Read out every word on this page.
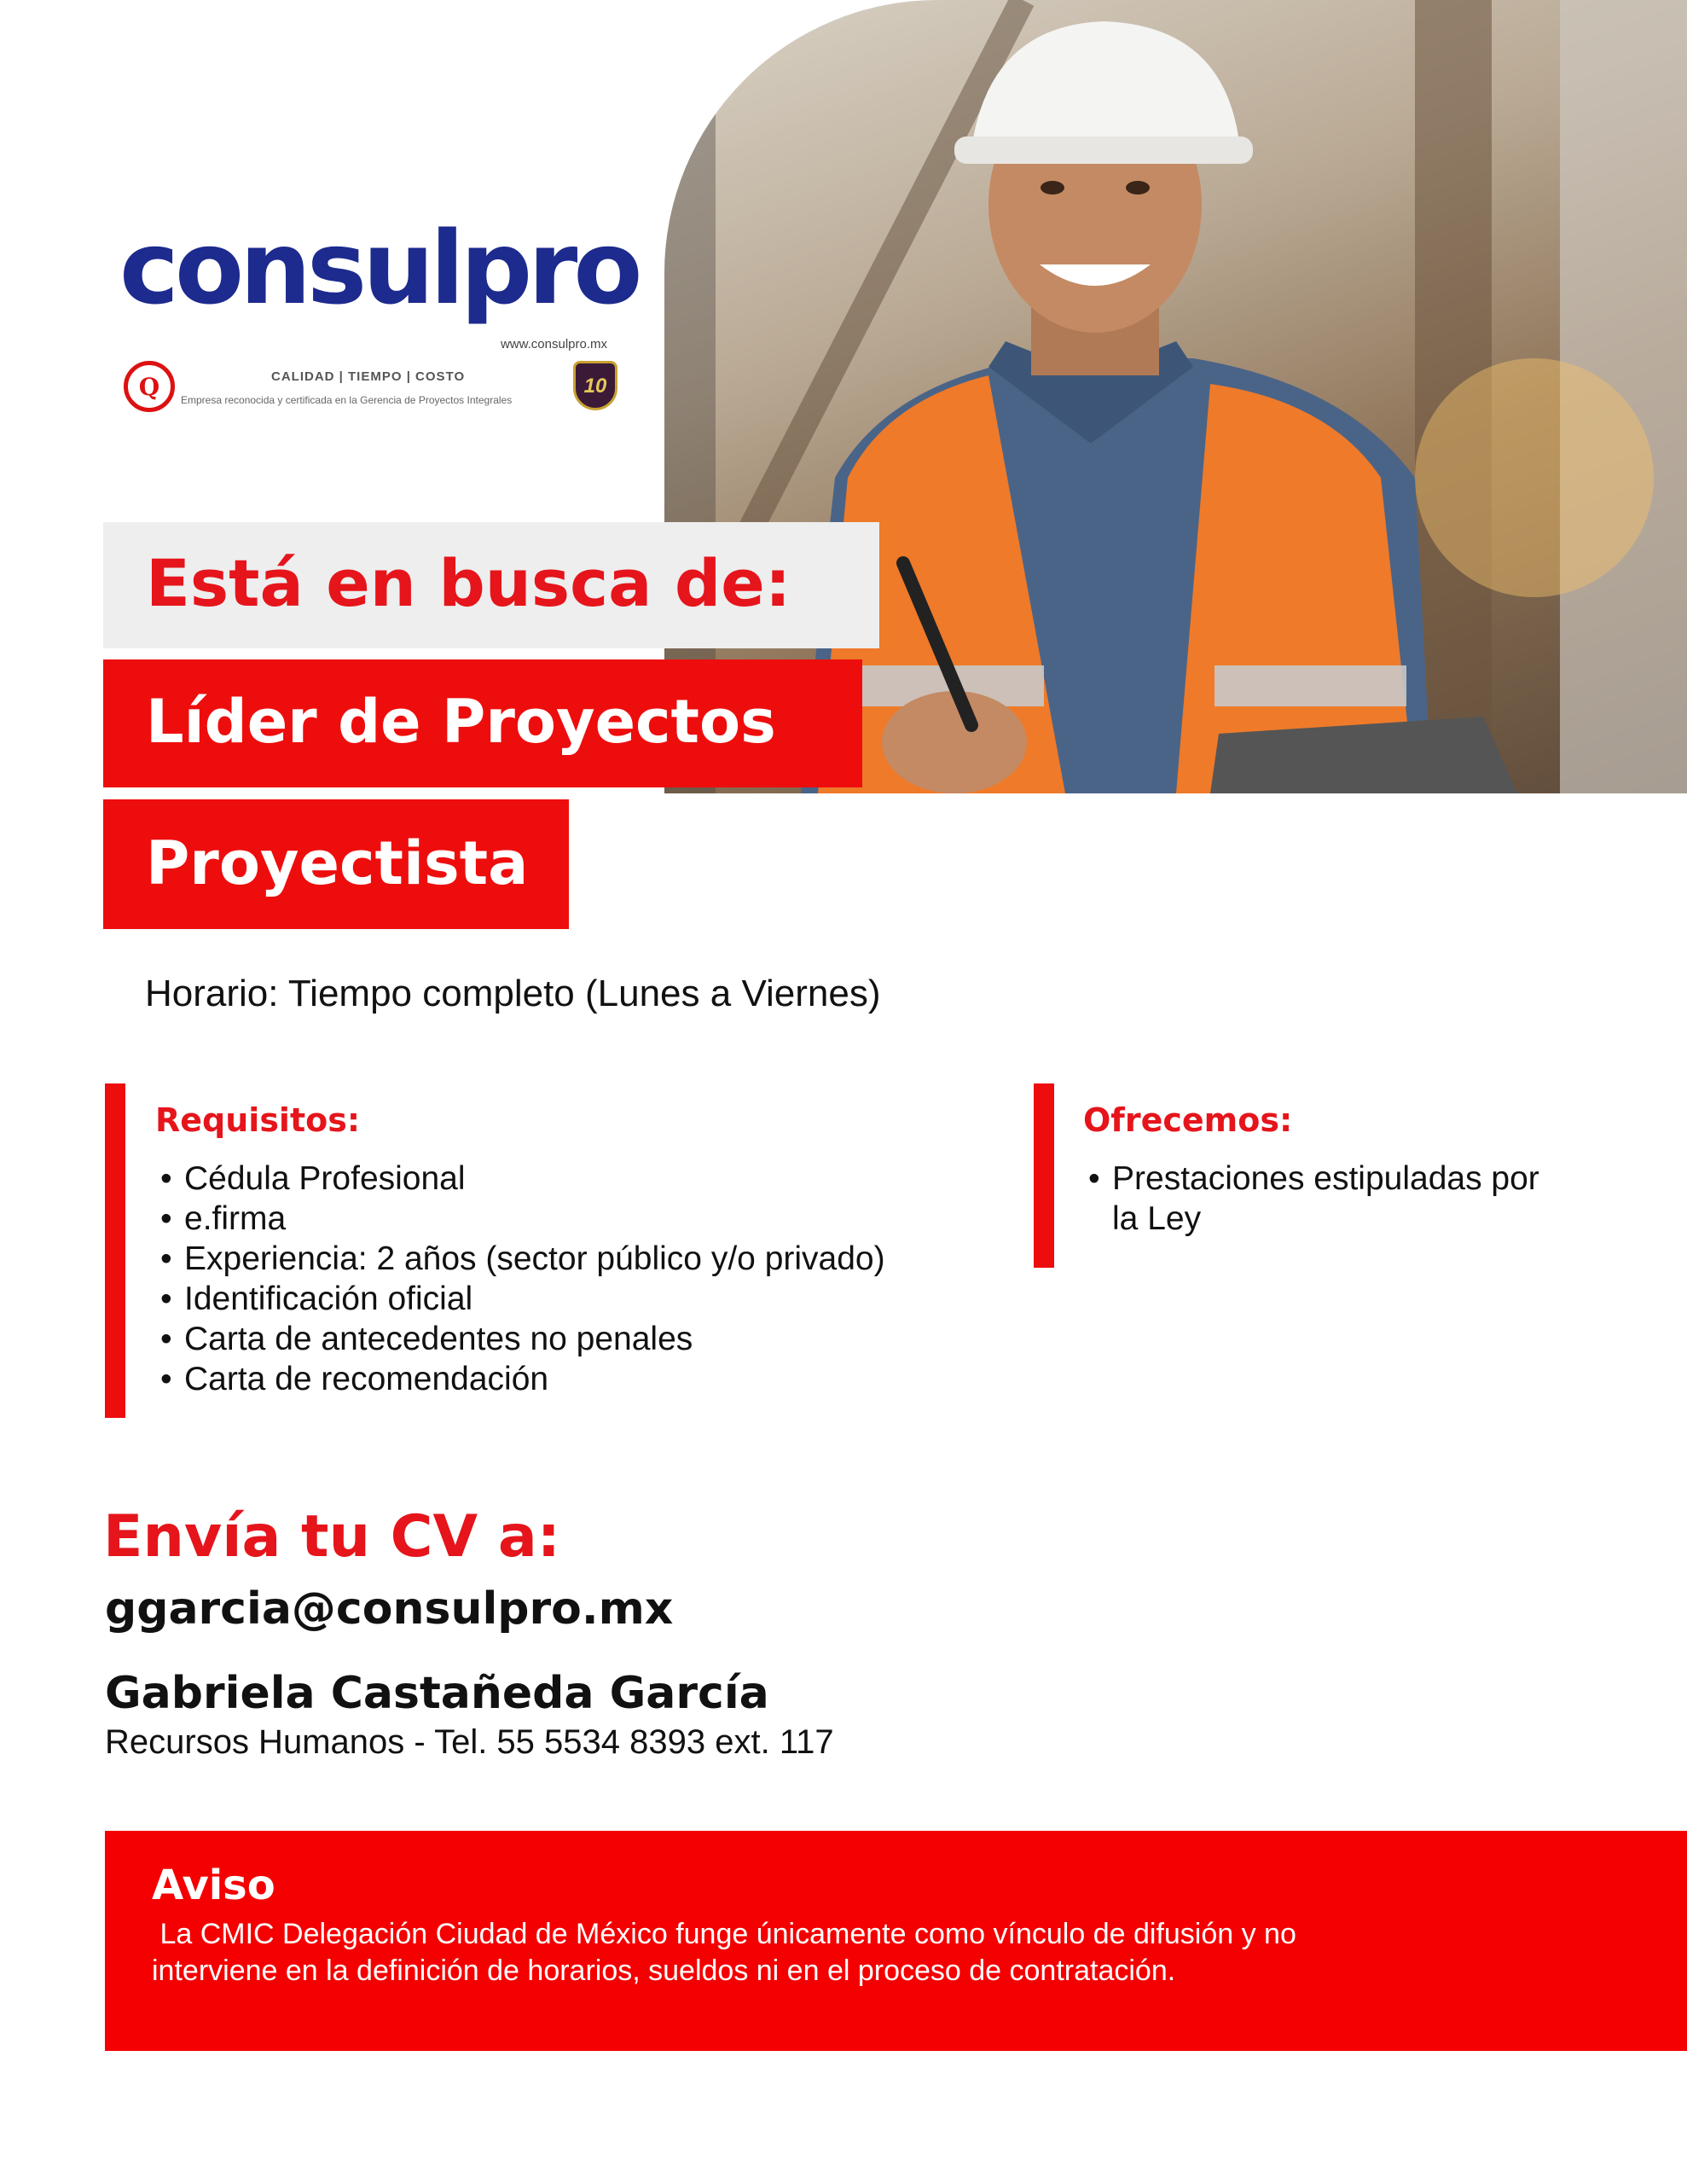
consulpro
www.consulpro.mx
Q	CALIDAD | TIEMPO | COSTO
Empresa reconocida y certificada en la Gerencia de Proyectos Integrales
10
Está en busca de:
Líder de Proyectos
Proyectista
Horario: Tiempo completo (Lunes a Viernes)
Requisitos:
• Cédula Profesional
• e.firma
• Experiencia: 2 años (sector público y/o privado)
• Identificación oficial
• Carta de antecedentes no penales
• Carta de recomendación
Ofrecemos:
• Prestaciones estipuladas por la Ley
Envía tu CV a:
ggarcia@consulpro.mx
Gabriela Castañeda García
Recursos Humanos - Tel. 55 5534 8393 ext. 117
Aviso
La CMIC Delegación Ciudad de México funge únicamente como vínculo de difusión y no interviene en la definición de horarios, sueldos ni en el proceso de contratación.
